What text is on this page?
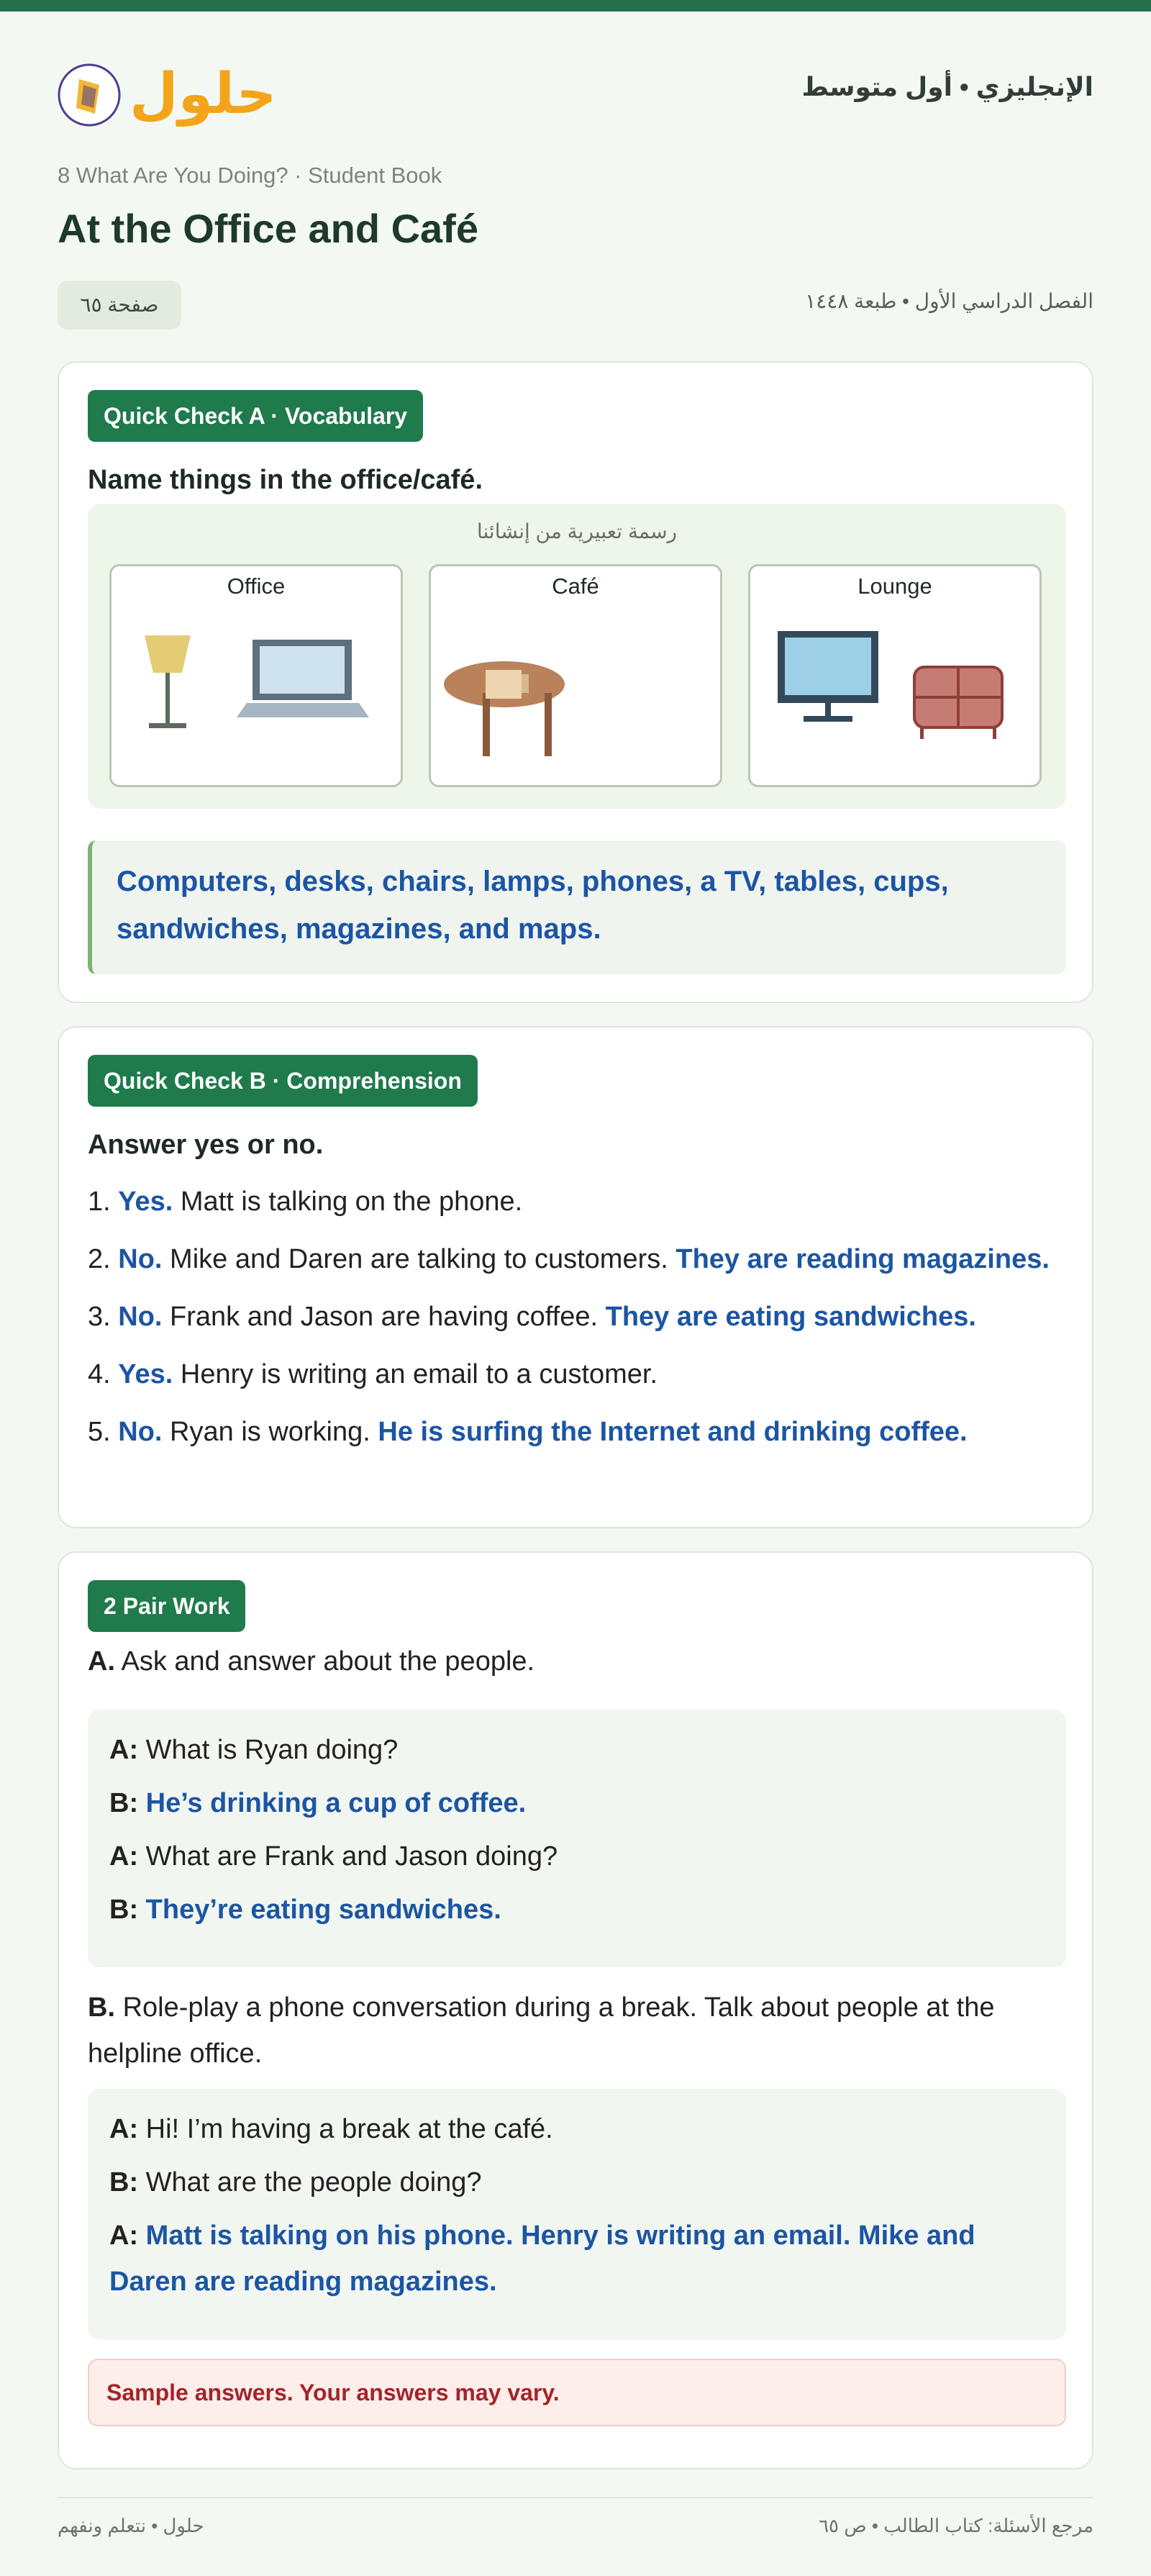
حلول	الإنجليزي • أول متوسط
8 What Are You Doing? · Student Book
At the Office and Café
صفحة ٦٥	الفصل الدراسي الأول • طبعة ١٤٤٨
Quick Check A · Vocabulary
Name things in the office/café.
رسمة تعبيرية من إنشائنا
Office	Café	Lounge
Computers, desks, chairs, lamps, phones, a TV, tables, cups, sandwiches, magazines, and maps.
Quick Check B · Comprehension
Answer yes or no.
1. Yes. Matt is talking on the phone.
2. No. Mike and Daren are talking to customers. They are reading magazines.
3. No. Frank and Jason are having coffee. They are eating sandwiches.
4. Yes. Henry is writing an email to a customer.
5. No. Ryan is working. He is surfing the Internet and drinking coffee.
2 Pair Work
A. Ask and answer about the people.
A: What is Ryan doing?
B: He’s drinking a cup of coffee.
A: What are Frank and Jason doing?
B: They’re eating sandwiches.
B. Role-play a phone conversation during a break. Talk about people at the helpline office.
A: Hi! I’m having a break at the café.
B: What are the people doing?
A: Matt is talking on his phone. Henry is writing an email. Mike and Daren are reading magazines.
Sample answers. Your answers may vary.
حلول • نتعلم ونفهم	مرجع الأسئلة: كتاب الطالب • ص ٦٥
